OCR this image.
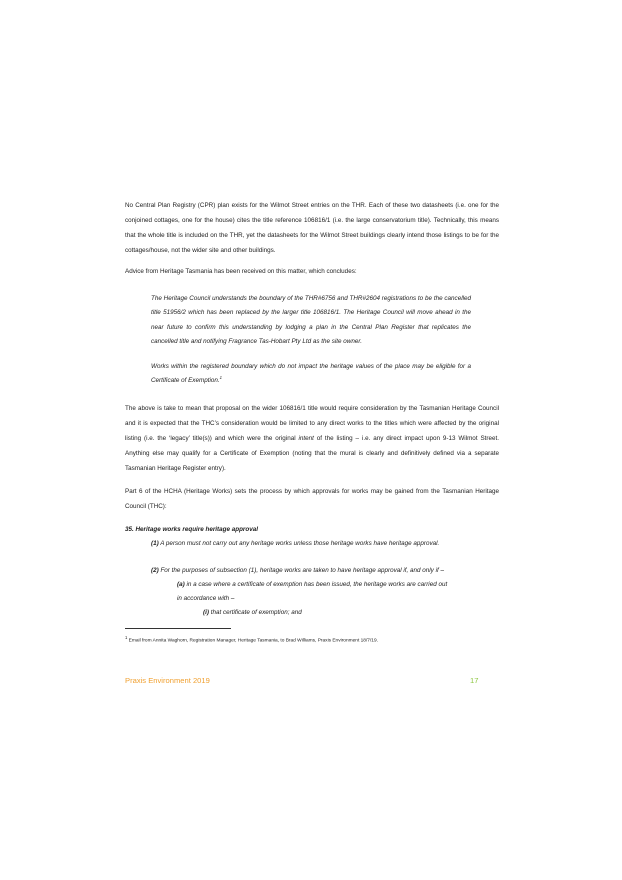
No Central Plan Registry (CPR) plan exists for the Wilmot Street entries on the THR. Each of these two datasheets (i.e. one for the conjoined cottages, one for the house) cites the title reference 106816/1 (i.e. the large conservatorium title). Technically, this means that the whole title is included on the THR, yet the datasheets for the Wilmot Street buildings clearly intend those listings to be for the cottages/house, not the wider site and other buildings.

Advice from Heritage Tasmania has been received on this matter, which concludes:

The Heritage Council understands the boundary of the THR#6756 and THR#2604 registrations to be the cancelled title 51956/2 which has been replaced by the larger title 106816/1. The Heritage Council will move ahead in the near future to confirm this understanding by lodging a plan in the Central Plan Register that replicates the cancelled title and notifying Fragrance Tas-Hobart Pty Ltd as the site owner.

Works within the registered boundary which do not impact the heritage values of the place may be eligible for a Certificate of Exemption.$^1$

The above is take to mean that proposal on the wider 106816/1 title would require consideration by the Tasmanian Heritage Council and it is expected that the THC’s consideration would be limited to any direct works to the titles which were affected by the original listing (i.e. the ‘legacy’ title(s)) and which were the original intent of the listing – i.e. any direct impact upon 9-13 Wilmot Street. Anything else may qualify for a Certificate of Exemption (noting that the mural is clearly and definitively defined via a separate Tasmanian Heritage Register entry).

Part 6 of the HCHA (Heritage Works) sets the process by which approvals for works may be gained from the Tasmanian Heritage Council (THC):

35. Heritage works require heritage approval
(1) A person must not carry out any heritage works unless those heritage works have heritage approval.
(2) For the purposes of subsection (1), heritage works are taken to have heritage approval if, and only if –
(a) in a case where a certificate of exemption has been issued, the heritage works are carried out
in accordance with –
(i) that certificate of exemption; and
$^1$ Email from Annita Waghorn, Registration Manager, Heritage Tasmania, to Brad Williams, Praxis Environment 18/7/19.
Praxis Environment 2019	17
